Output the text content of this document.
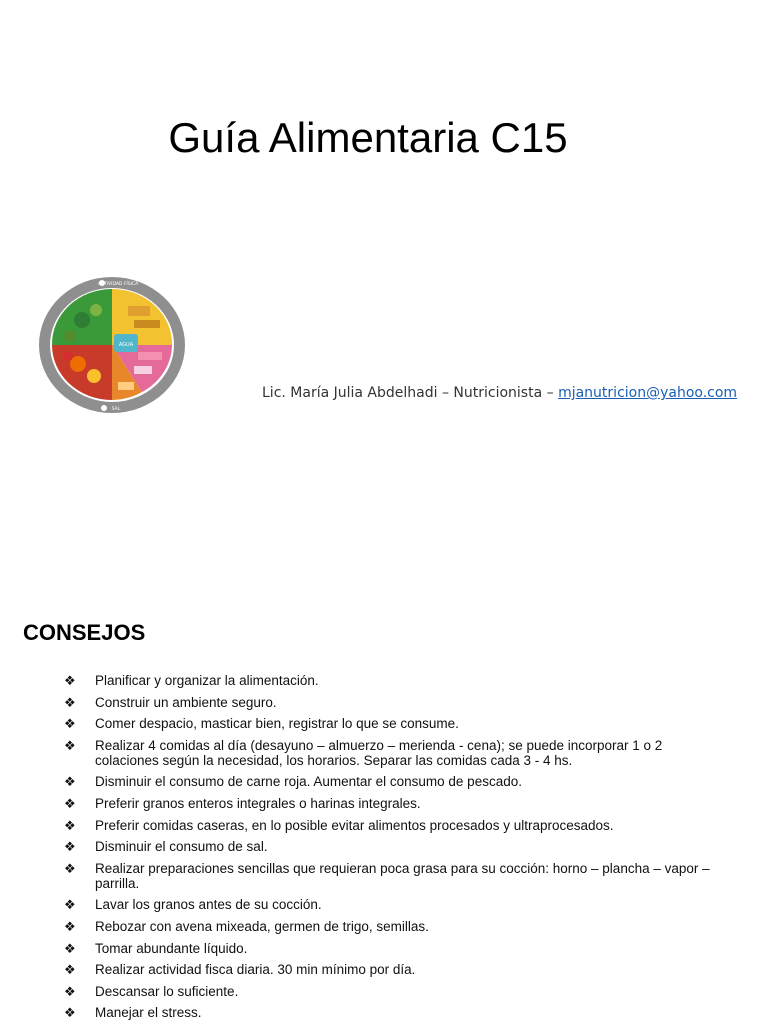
Guía Alimentaria C15
AGUA
ACTIVIDAD FÍSICA
SAL
Lic. María Julia Abdelhadi – Nutricionista – mjanutricion@yahoo.com
CONSEJOS
❖ Planificar y organizar la alimentación.
❖ Construir un ambiente seguro.
❖ Comer despacio, masticar bien, registrar lo que se consume.
❖ Realizar 4 comidas al día (desayuno – almuerzo – merienda - cena); se puede incorporar 1 o 2 colaciones según la necesidad, los horarios. Separar las comidas cada 3 - 4 hs.
❖ Disminuir el consumo de carne roja. Aumentar el consumo de pescado.
❖ Preferir granos enteros integrales o harinas integrales.
❖ Preferir comidas caseras, en lo posible evitar alimentos procesados y ultraprocesados.
❖ Disminuir el consumo de sal.
❖ Realizar preparaciones sencillas que requieran poca grasa para su cocción: horno – plancha – vapor – parrilla.
❖ Lavar los granos antes de su cocción.
❖ Rebozar con avena mixeada, germen de trigo, semillas.
❖ Tomar abundante líquido.
❖ Realizar actividad fisca diaria. 30 min mínimo por día.
❖ Descansar lo suficiente.
❖ Manejar el stress.
